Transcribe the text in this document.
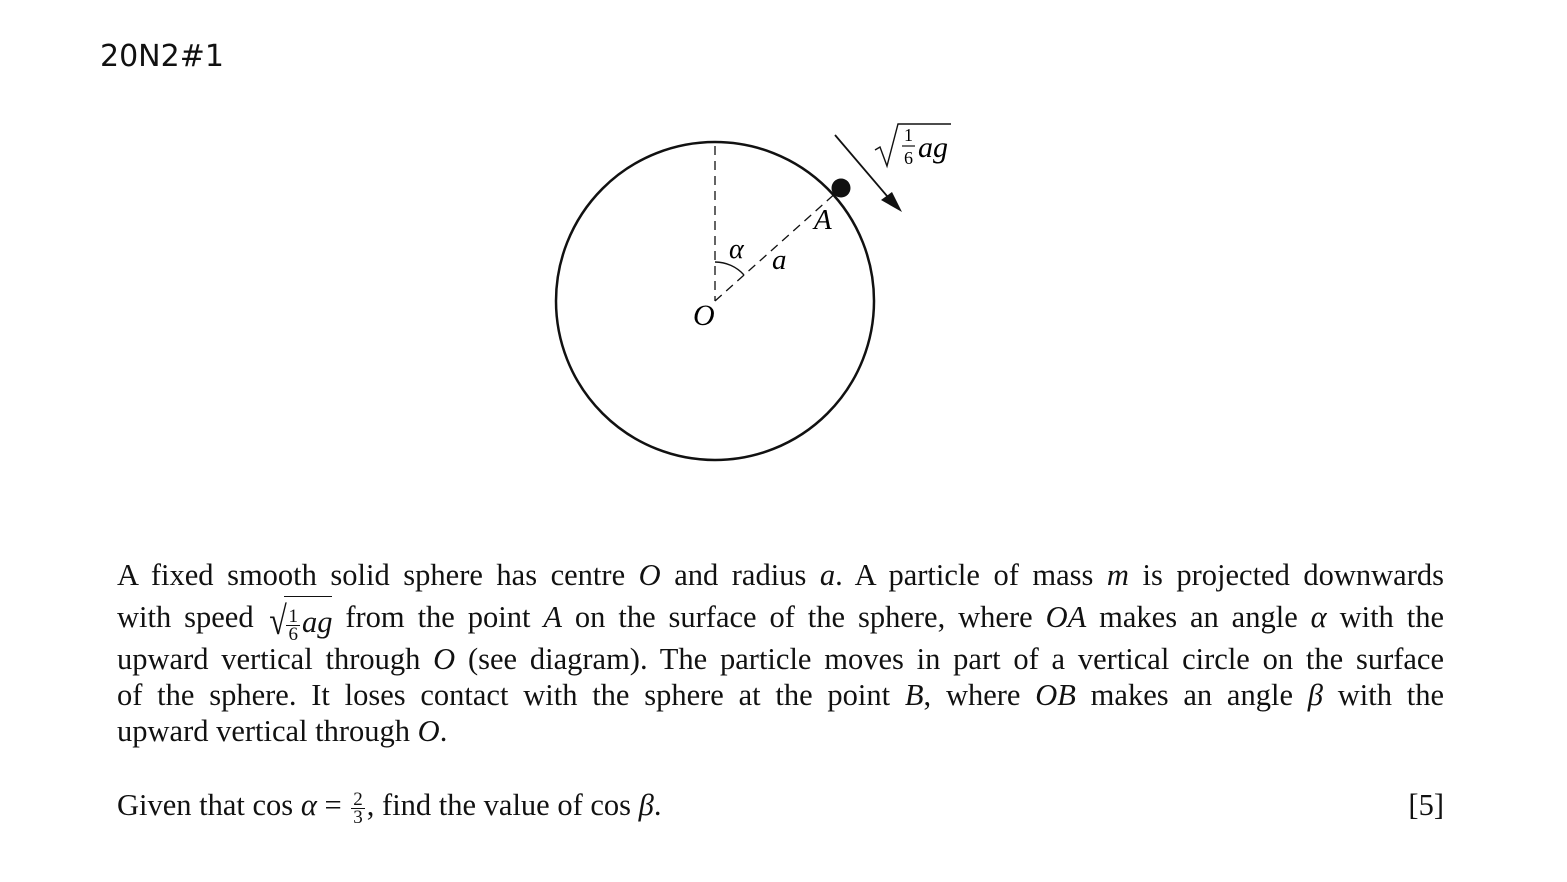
20N2#1
O
A
α a
1
6 ag
A fixed smooth solid sphere has centre O and radius a. A particle of mass m is projected downwards
with speed √ $\frac{1}{6}$ ag from the point A on the surface of the sphere, where OA makes an angle α with the
upward vertical through O (see diagram). The particle moves in part of a vertical circle on the surface
of the sphere. It loses contact with the sphere at the point B, where OB makes an angle β with the
upward vertical through O.
Given that $\cos \alpha = \frac{2}{3}$ , find the value of cos β.	[5]
